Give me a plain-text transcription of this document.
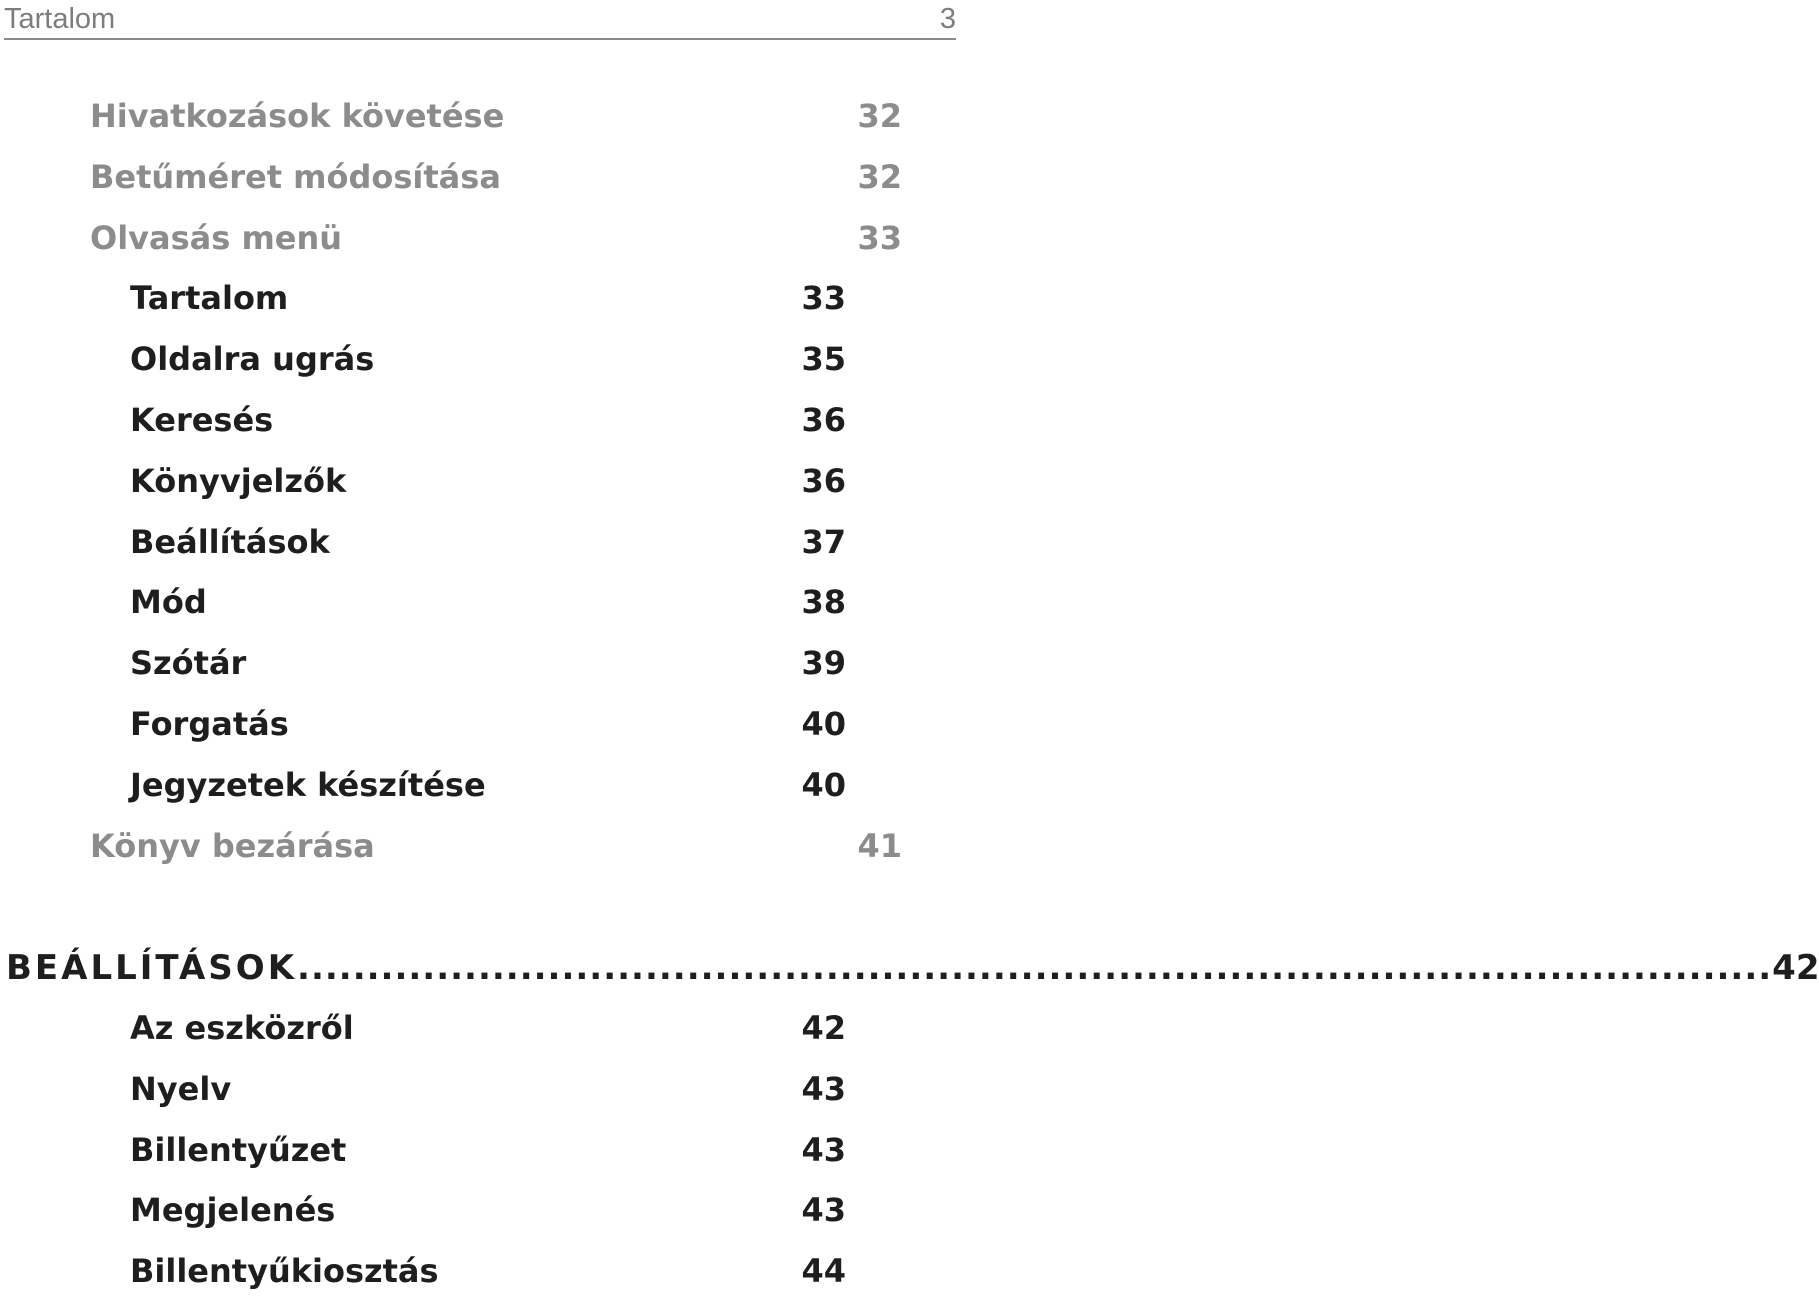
Tartalom	3
Hivatkozások követése	32
Betűméret módosítása	32
Olvasás menü	33
Tartalom	33
Oldalra ugrás	35
Keresés	36
Könyvjelzők	36
Beállítások	37
Mód	38
Szótár	39
Forgatás	40
Jegyzetek készítése	40
Könyv bezárása	41
BEÁLLÍTÁSOK .......................................................................................................... 42
Az eszközről	42
Nyelv	43
Billentyűzet	43
Megjelenés	43
Billentyűkiosztás	44
